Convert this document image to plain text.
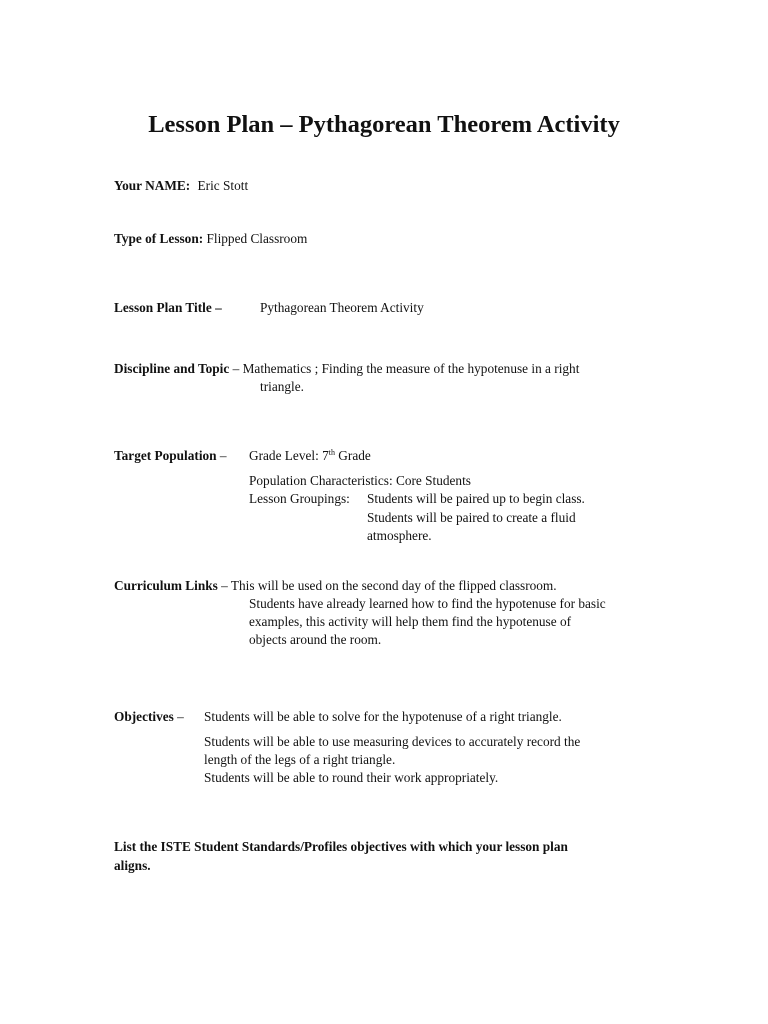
Lesson Plan – Pythagorean Theorem Activity
Your NAME: Eric Stott
Type of Lesson: Flipped Classroom
Lesson Plan Title –	Pythagorean Theorem Activity
Discipline and Topic – Mathematics ; Finding the measure of the hypotenuse in a right
triangle.
Target Population – Grade Level: 7th Grade
Population Characteristics: Core Students
Lesson Groupings: Students will be paired up to begin class.
Students will be paired to create a fluid
atmosphere.
Curriculum Links – This will be used on the second day of the flipped classroom.
Students have already learned how to find the hypotenuse for basic
examples, this activity will help them find the hypotenuse of
objects around the room.
Objectives – Students will be able to solve for the hypotenuse of a right triangle.
Students will be able to use measuring devices to accurately record the
length of the legs of a right triangle.
Students will be able to round their work appropriately.
List the ISTE Student Standards/Profiles objectives with which your lesson plan
aligns.
